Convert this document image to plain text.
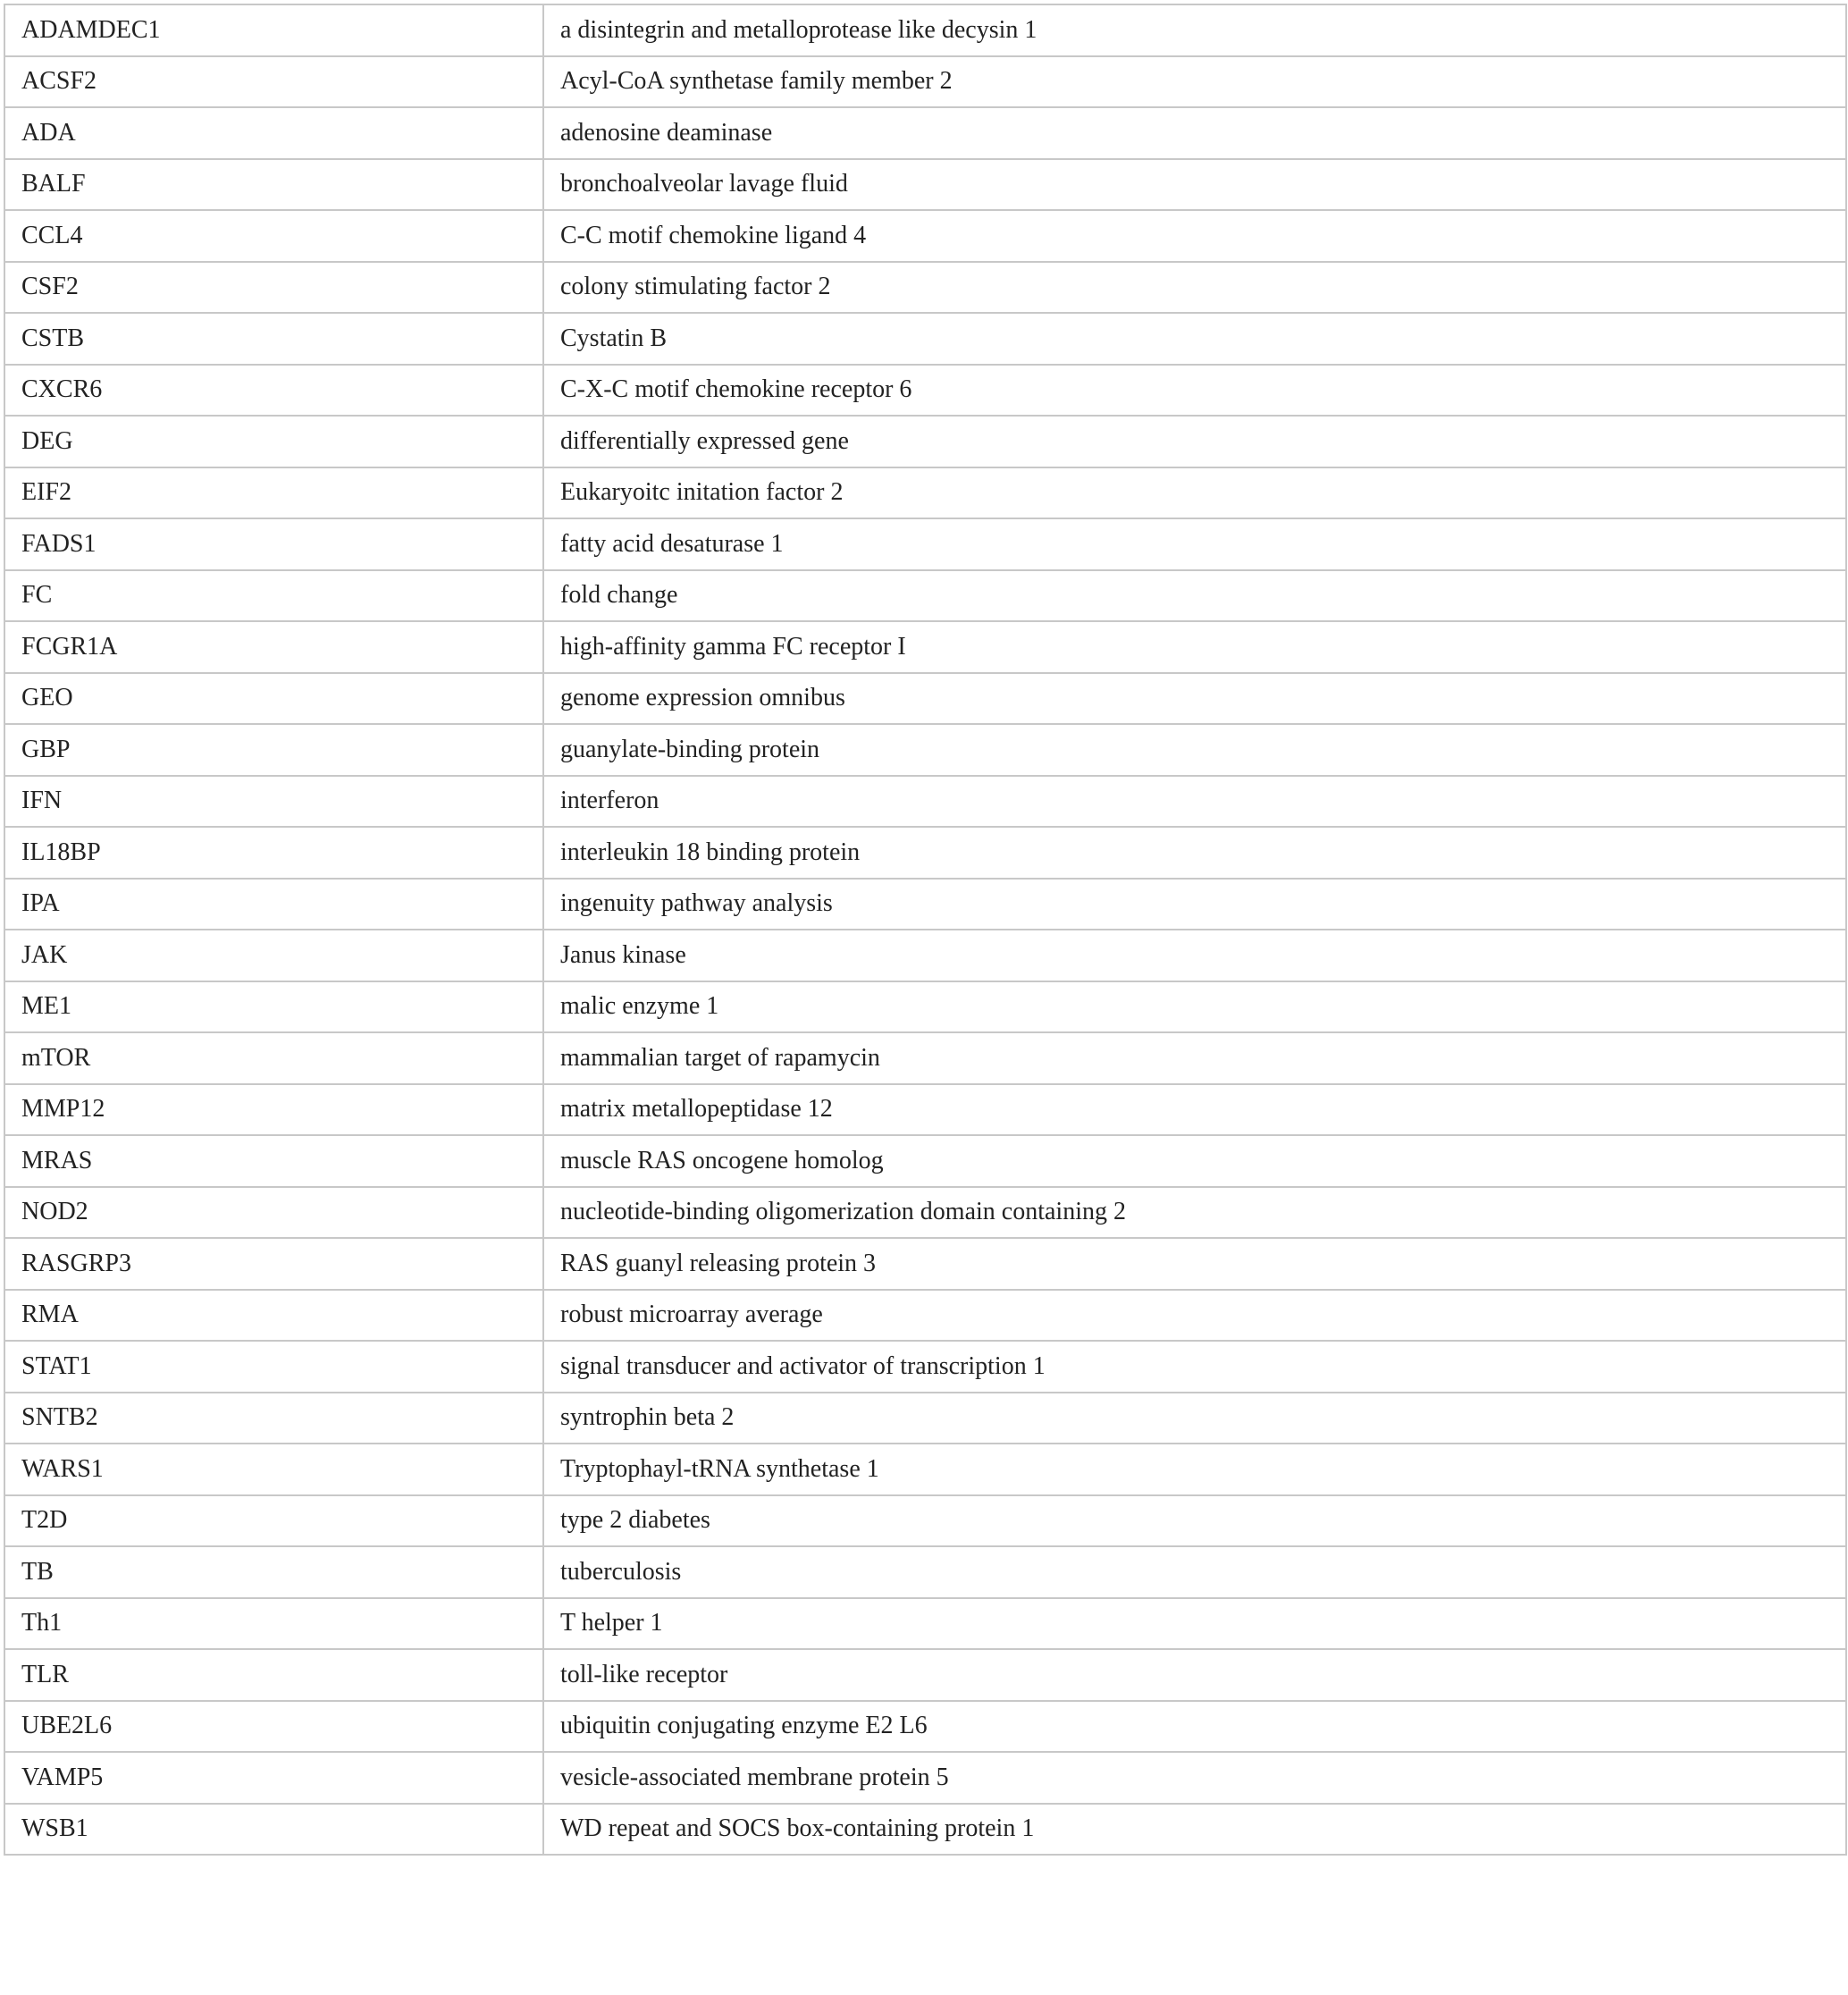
ADAMDEC1	a disintegrin and metalloprotease like decysin 1
ACSF2	Acyl-CoA synthetase family member 2
ADA	adenosine deaminase
BALF	bronchoalveolar lavage fluid
CCL4	C-C motif chemokine ligand 4
CSF2	colony stimulating factor 2
CSTB	Cystatin B
CXCR6	C-X-C motif chemokine receptor 6
DEG	differentially expressed gene
EIF2	Eukaryoitc initation factor 2
FADS1	fatty acid desaturase 1
FC	fold change
FCGR1A	high-affinity gamma FC receptor I
GEO	genome expression omnibus
GBP	guanylate-binding protein
IFN	interferon
IL18BP	interleukin 18 binding protein
IPA	ingenuity pathway analysis
JAK	Janus kinase
ME1	malic enzyme 1
mTOR	mammalian target of rapamycin
MMP12	matrix metallopeptidase 12
MRAS	muscle RAS oncogene homolog
NOD2	nucleotide-binding oligomerization domain containing 2
RASGRP3	RAS guanyl releasing protein 3
RMA	robust microarray average
STAT1	signal transducer and activator of transcription 1
SNTB2	syntrophin beta 2
WARS1	Tryptophayl-tRNA synthetase 1
T2D	type 2 diabetes
TB	tuberculosis
Th1	T helper 1
TLR	toll-like receptor
UBE2L6	ubiquitin conjugating enzyme E2 L6
VAMP5	vesicle-associated membrane protein 5
WSB1	WD repeat and SOCS box-containing protein 1
